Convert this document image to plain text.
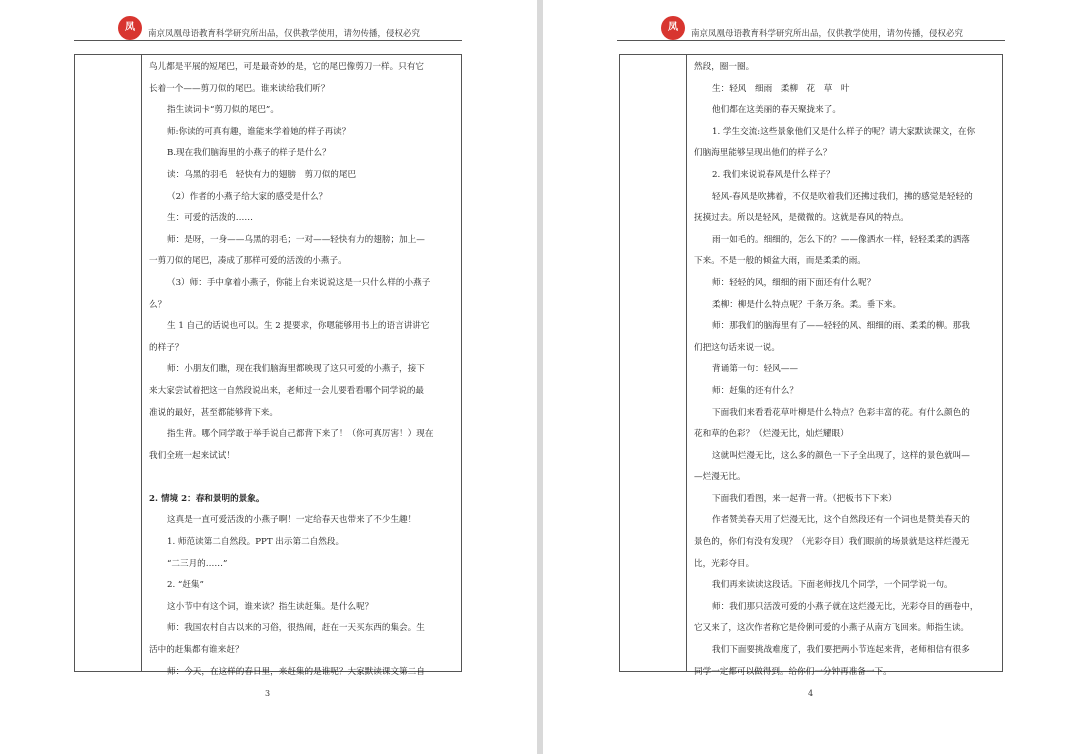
凤
南京凤凰母语教育科学研究所出品，仅供教学使用，请勿传播，侵权必究
鸟儿都是平展的短尾巴，可是最奇妙的是，它的尾巴像剪刀一样。只有它
长着一个——剪刀似的尾巴。谁来读给我们听？
指生读词卡“剪刀似的尾巴”。
师:你读的可真有趣，谁能来学着她的样子再读？
B.现在我们脑海里的小燕子的样子是什么？
读：乌黑的羽毛　轻快有力的翅膀　剪刀似的尾巴
（2）作者的小燕子给大家的感受是什么？
生：可爱的活泼的……
师：是呀，一身——乌黑的羽毛；一对——轻快有力的翅膀；加上—
一剪刀似的尾巴，凑成了那样可爱的活泼的小燕子。
（3）师：手中拿着小燕子，你能上台来说说这是一只什么样的小燕子
么？
生 1 自己的话说也可以。生 2 提要求，你嗯能够用书上的语言讲讲它
的样子？
师：小朋友们瞧，现在我们脑海里都映现了这只可爱的小燕子，接下
来大家尝试着把这一自然段说出来，老师过一会儿要看看哪个同学说的最
准说的最好，甚至都能够背下来。
指生背。哪个同学敢于举手说自己都背下来了！（你可真厉害！）现在
我们全班一起来试试！
2. 情境 2：春和景明的景象。
这真是一直可爱活泼的小燕子啊！一定给春天也带来了不少生趣！
1. 师范读第二自然段。PPT 出示第二自然段。
“二三月的……”
2. “赶集”
这小节中有这个词，谁来读？指生读赶集。是什么呢？
师：我国农村自古以来的习俗，很热闹，赶在一天买东西的集会。生
活中的赶集都有谁来赶？
师：今天，在这样的春日里，来赶集的是谁呢？大家默读课文第二自
3
凤
南京凤凰母语教育科学研究所出品，仅供教学使用，请勿传播，侵权必究
然段，圈一圈。
生：轻风　细雨　柔柳　花　草　叶
他们都在这美丽的春天聚拢来了。
1. 学生交流:这些景象他们又是什么样子的呢？请大家默读课文，在你
们脑海里能够呈现出他们的样子么？
2. 我们来说说春风是什么样子？
轻风-春风是吹拂着，不仅是吹着我们还拂过我们，拂的感觉是轻轻的
抚摸过去。所以是轻风，是微微的。这就是春风的特点。
雨一如毛的。细细的，怎么下的？——像洒水一样，轻轻柔柔的洒落
下来。不是一般的倾盆大雨，而是柔柔的雨。
师：轻轻的风，细细的雨下面还有什么呢？
柔柳：柳是什么特点呢？千条万条。柔。垂下来。
师：那我们的脑海里有了——轻轻的风、细细的雨、柔柔的柳。那我
们把这句话来说一说。
背诵第一句：轻风——
师：赶集的还有什么？
下面我们来看看花草叶柳是什么特点？色彩丰富的花。有什么颜色的
花和草的色彩？（烂漫无比，灿烂耀眼）
这就叫烂漫无比，这么多的颜色一下子全出现了，这样的景色就叫—
—烂漫无比。
下面我们看图，来一起背一背。（把板书下下来）
作者赞美春天用了烂漫无比，这个自然段还有一个词也是赞美春天的
景色的，你们有没有发现？（光彩夺目）我们眼前的场景就是这样烂漫无
比，光彩夺目。
我们再来读读这段话。下面老师找几个同学，一个同学说一句。
师：我们那只活泼可爱的小燕子就在这烂漫无比，光彩夺目的画卷中，
它又来了，这次作者称它是伶俐可爱的小燕子从南方飞回来。师指生读。
我们下面要挑战难度了，我们要把两小节连起来背，老师相信有很多
同学一定都可以做得到。给你们一分钟再准备一下。
4
